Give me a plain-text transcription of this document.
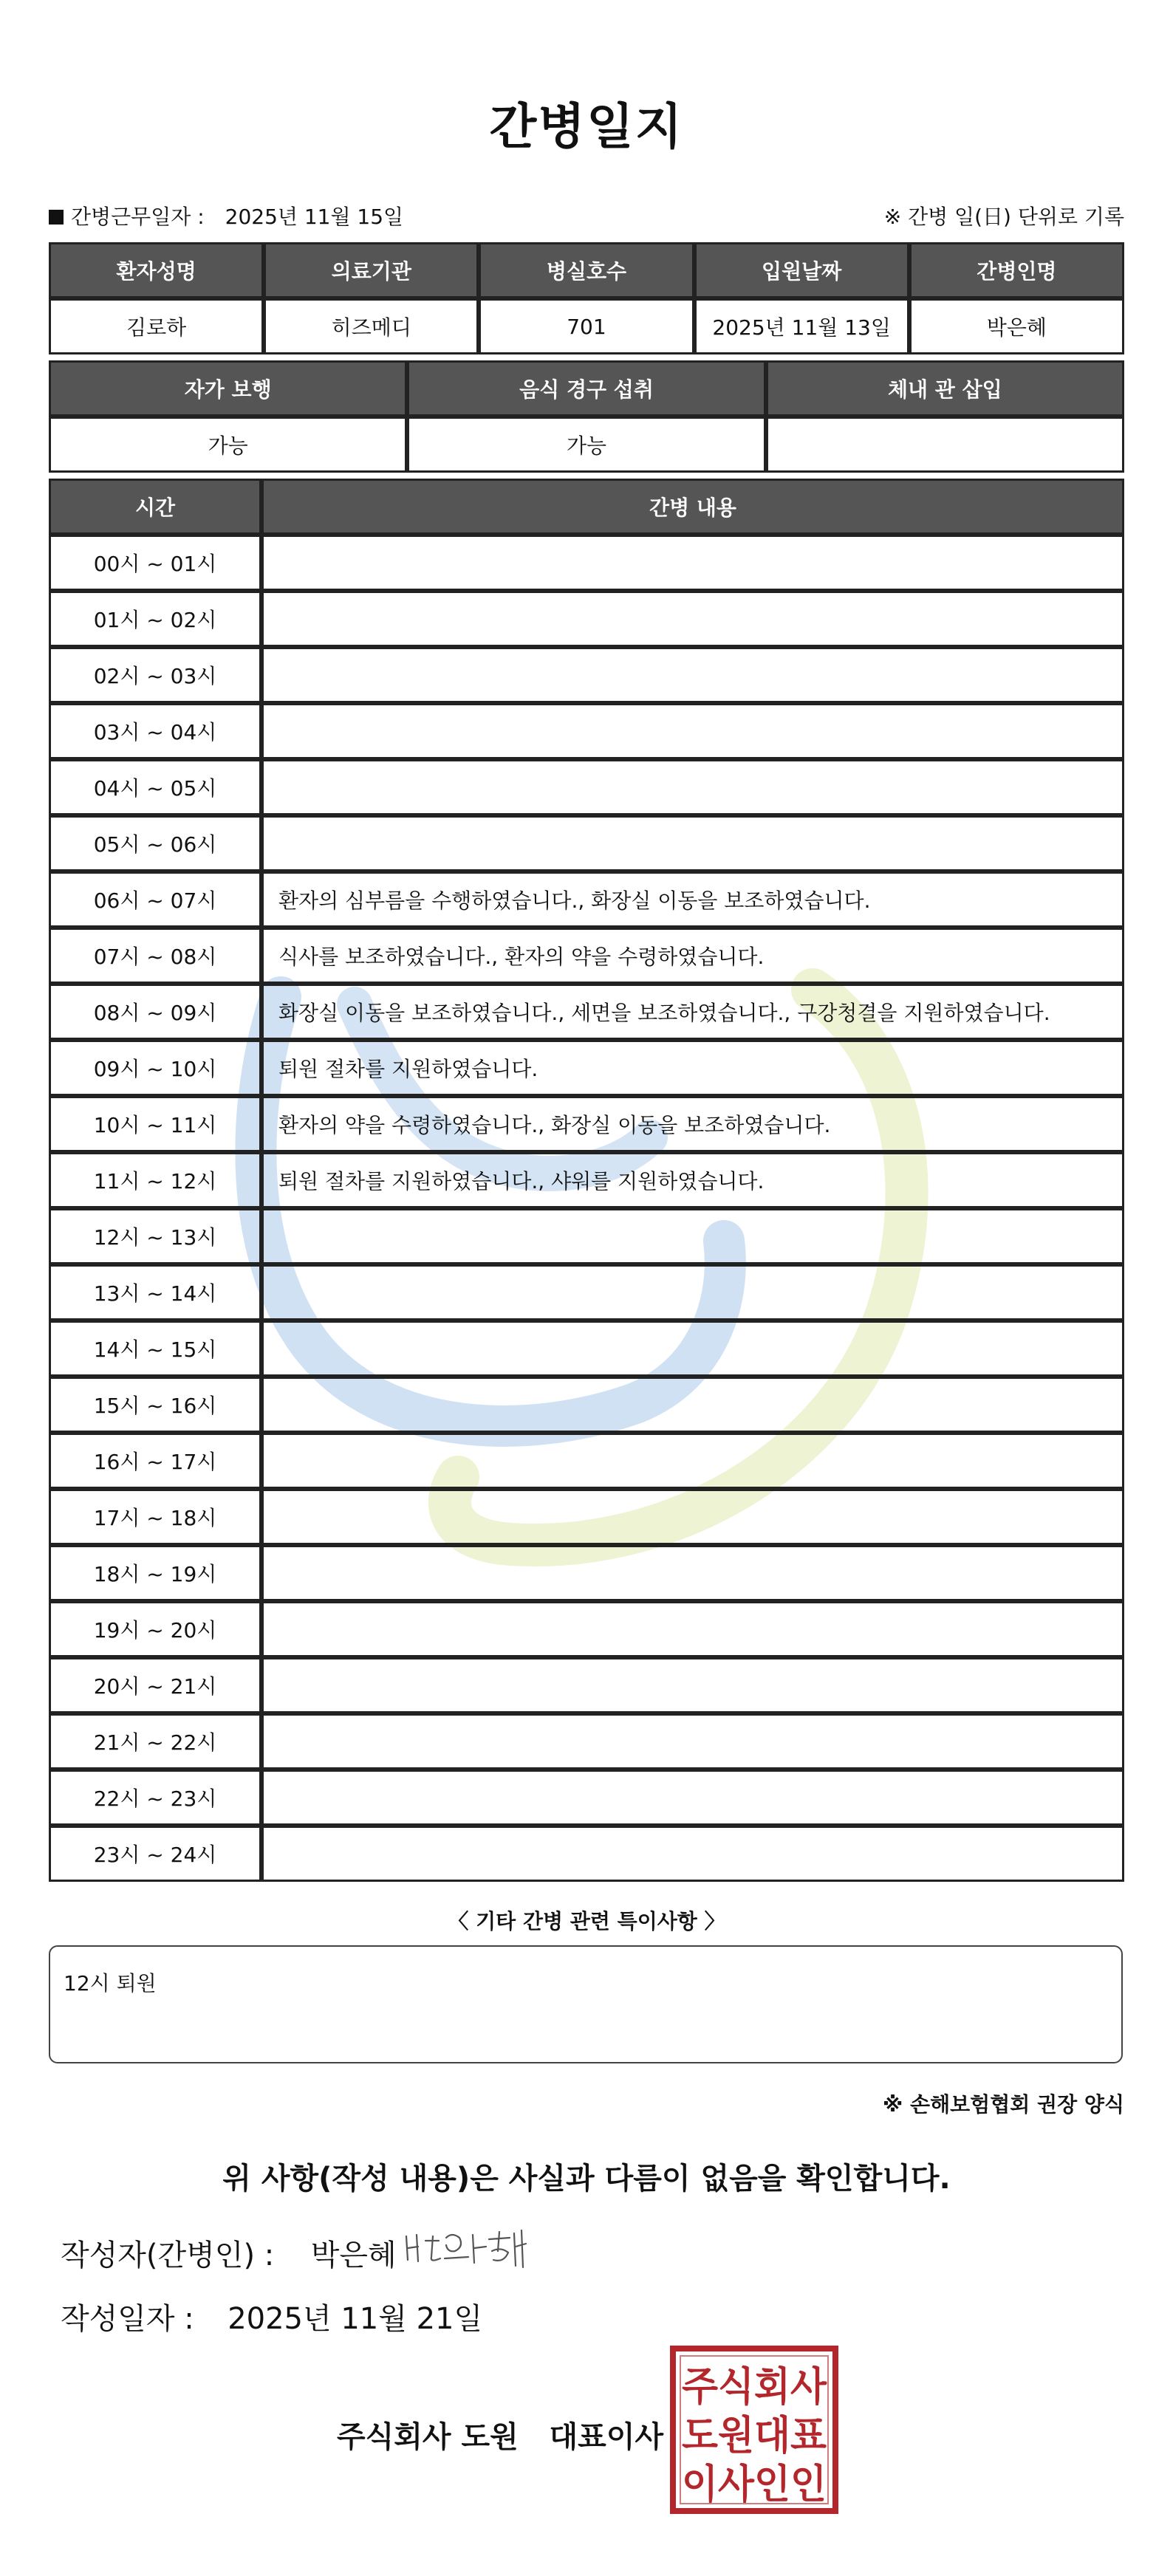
간병일지
간병근무일자 : 2025년 11월 15일	※ 간병 일(日) 단위로 기록
환자성명	의료기관	병실호수	입원날짜	간병인명
김로하	히즈메디	701	2025년 11월 13일	박은혜
자가 보행	음식 경구 섭취	체내 관 삽입
가능	가능	
시간	간병 내용
00시 ~ 01시	
01시 ~ 02시	
02시 ~ 03시	
03시 ~ 04시	
04시 ~ 05시	
05시 ~ 06시	
06시 ~ 07시	환자의 심부름을 수행하였습니다., 화장실 이동을 보조하였습니다.
07시 ~ 08시	식사를 보조하였습니다., 환자의 약을 수령하였습니다.
08시 ~ 09시	화장실 이동을 보조하였습니다., 세면을 보조하였습니다., 구강청결을 지원하였습니다.
09시 ~ 10시	퇴원 절차를 지원하였습니다.
10시 ~ 11시	환자의 약을 수령하였습니다., 화장실 이동을 보조하였습니다.
11시 ~ 12시	퇴원 절차를 지원하였습니다., 샤워를 지원하였습니다.
12시 ~ 13시	
13시 ~ 14시	
14시 ~ 15시	
15시 ~ 16시	
16시 ~ 17시	
17시 ~ 18시	
18시 ~ 19시	
19시 ~ 20시	
20시 ~ 21시	
21시 ~ 22시	
22시 ~ 23시	
23시 ~ 24시	
〈 기타 간병 관련 특이사항 〉
12시 퇴원
※ 손해보험협회 권장 양식
위 사항(작성 내용)은 사실과 다름이 없음을 확인합니다.
작성자(간병인) : 박은혜
작성일자 : 2025년 11월 21일
주식회사 도원   대표이사
주식회사
도원대표
이사인인
